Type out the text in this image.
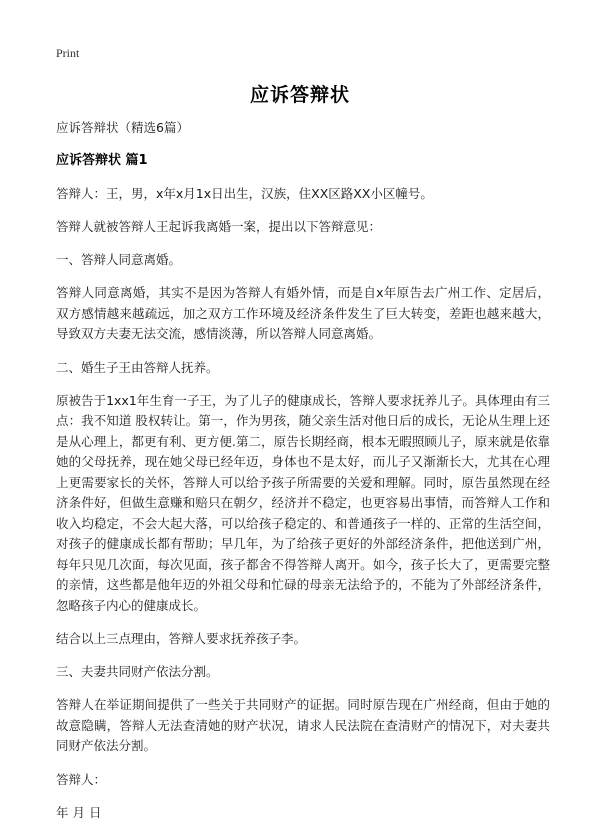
Print
应诉答辩状

应诉答辩状（精选6篇）

应诉答辩状 篇1

答辩人：王，男，x年x月1x日出生，汉族，住XX区路XX小区幢号。

答辩人就被答辩人王起诉我离婚一案，提出以下答辩意见：

一、答辩人同意离婚。

答辩人同意离婚，其实不是因为答辩人有婚外情，而是自x年原告去广州工作、定居后，双方感情越来越疏远，加之双方工作环境及经济条件发生了巨大转变，差距也越来越大，导致双方夫妻无法交流，感情淡薄，所以答辩人同意离婚。

二、婚生子王由答辩人抚养。

原被告于1xx1年生育一子王，为了儿子的健康成长，答辩人要求抚养儿子。具体理由有三点：我不知道 股权转让。第一，作为男孩，随父亲生活对他日后的成长，无论从生理上还是从心理上，都更有利、更方便.第二，原告长期经商，根本无暇照顾儿子，原来就是依靠她的父母抚养，现在她父母已经年迈，身体也不是太好，而儿子又渐渐长大，尤其在心理上更需要家长的关怀，答辩人可以给予孩子所需要的关爱和理解。同时，原告虽然现在经济条件好，但做生意赚和赔只在朝夕，经济并不稳定，也更容易出事情，而答辩人工作和收入均稳定，不会大起大落，可以给孩子稳定的、和普通孩子一样的、正常的生活空间，对孩子的健康成长都有帮助；早几年，为了给孩子更好的外部经济条件，把他送到广州，每年只见几次面，每次见面，孩子都舍不得答辩人离开。如今，孩子长大了，更需要完整的亲情，这些都是他年迈的外祖父母和忙碌的母亲无法给予的，不能为了外部经济条件，忽略孩子内心的健康成长。

结合以上三点理由，答辩人要求抚养孩子李。

三、夫妻共同财产依法分割。

答辩人在举证期间提供了一些关于共同财产的证据。同时原告现在广州经商，但由于她的故意隐瞒，答辩人无法查清她的财产状况，请求人民法院在查清财产的情况下，对夫妻共同财产依法分割。

答辩人：

年 月 日
